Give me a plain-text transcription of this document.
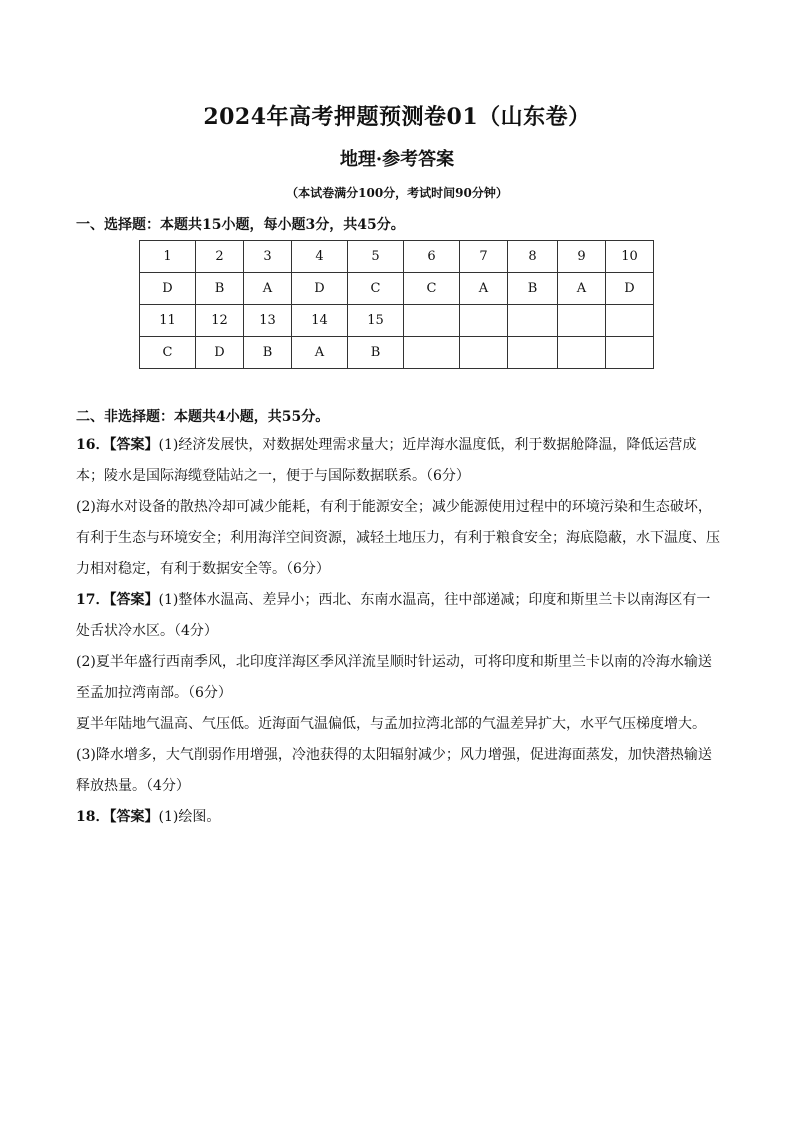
2024年高考押题预测卷01（山东卷）
地理·参考答案
（本试卷满分100分，考试时间90分钟）
一、选择题：本题共15小题，每小题3分，共45分。
1	2	3	4	5	6	7	8	9	10
D	B	A	D	C	C	A	B	A	D
11	12	13	14	15					
C	D	B	A	B					
二、非选择题：本题共4小题，共55分。

16．【答案】(1)经济发展快，对数据处理需求量大；近岸海水温度低，利于数据舱降温，降低运营成本；陵水是国际海缆登陆站之一，便于与国际数据联系。（6分）

(2)海水对设备的散热冷却可减少能耗，有利于能源安全；减少能源使用过程中的环境污染和生态破坏，有利于生态与环境安全；利用海洋空间资源，减轻土地压力，有利于粮食安全；海底隐蔽，水下温度、压力相对稳定，有利于数据安全等。（6分）

17．【答案】(1)整体水温高、差异小；西北、东南水温高，往中部递减；印度和斯里兰卡以南海区有一处舌状冷水区。（4分）

(2)夏半年盛行西南季风，北印度洋海区季风洋流呈顺时针运动，可将印度和斯里兰卡以南的冷海水输送至孟加拉湾南部。（6分）

夏半年陆地气温高、气压低。近海面气温偏低，与孟加拉湾北部的气温差异扩大，水平气压梯度增大。

(3)降水增多，大气削弱作用增强，冷池获得的太阳辐射减少；风力增强，促进海面蒸发，加快潜热输送释放热量。（4分）

18．【答案】(1)绘图。
